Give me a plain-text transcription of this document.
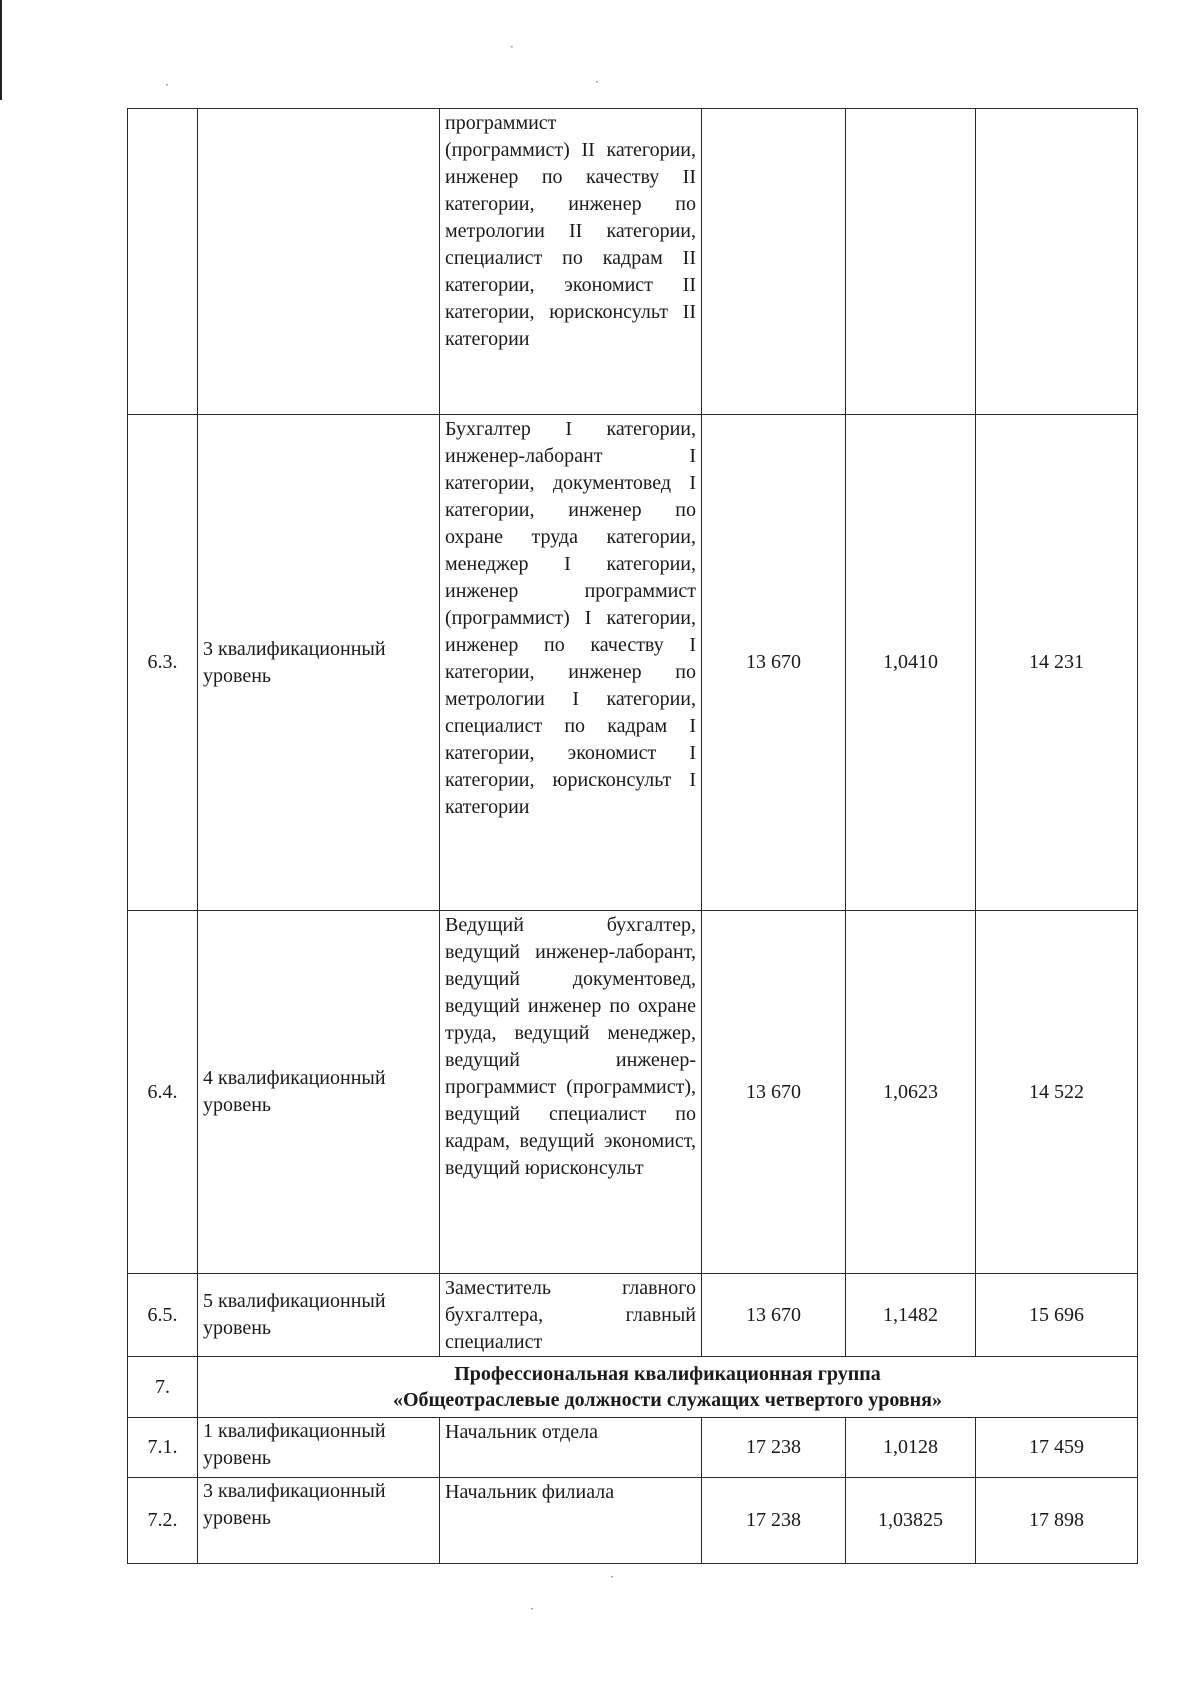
		программист
(программист) II категории, инженер по качеству II категории, инженер по метрологии II категории, специалист по кадрам II категории, экономист II категории, юрисконсульт II категории			
6.3.	3 квалификационный уровень	Бухгалтер I категории, инженер-лаборант I категории, документовед I категории, инженер по охране труда категории, менеджер I категории, инженер программист (программист) I категории, инженер по качеству I категории, инженер по метрологии I категории, специалист по кадрам I категории, экономист I категории, юрисконсульт I категории	13 670	1,0410	14 231
6.4.	4 квалификационный уровень	Ведущий бухгалтер, ведущий инженер-лаборант, ведущий документовед, ведущий инженер по охране труда, ведущий менеджер, ведущий инженер-программист (программист), ведущий специалист по кадрам, ведущий экономист, ведущий юрисконсульт	13 670	1,0623	14 522
6.5.	5 квалификационный уровень	Заместитель главного бухгалтера, главный специалист	13 670	1,1482	15 696
7.	Профессиональная квалификационная группа
«Общеотраслевые должности служащих четвертого уровня»				

7.1.	1 квалификационный уровень	Начальник отдела	17 238	1,0128	17 459
7.2.	3 квалификационный уровень	Начальник филиала	17 238	1,03825	17 898
·
·	·
·
·
